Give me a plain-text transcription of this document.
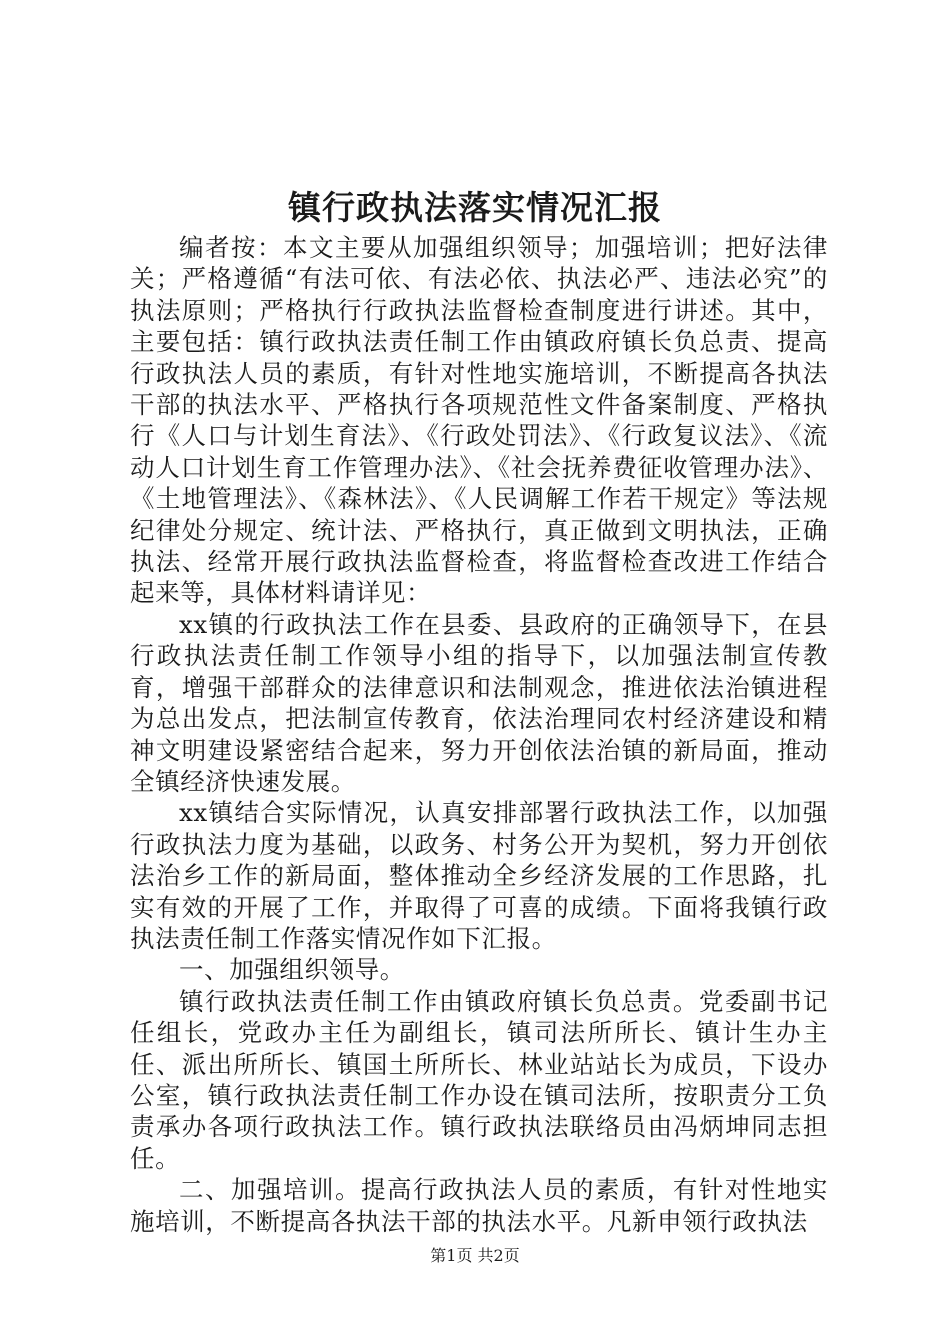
镇行政执法落实情况汇报

编者按：本文主要从加强组织领导；加强培训；把好法律关；严格遵循“有法可依、有法必依、执法必严、违法必究”的执法原则；严格执行行政执法监督检查制度进行讲述。其中，主要包括：镇行政执法责任制工作由镇政府镇长负总责、提高行政执法人员的素质，有针对性地实施培训，不断提高各执法干部的执法水平、严格执行各项规范性文件备案制度、严格执行《人口与计划生育法》、《行政处罚法》、《行政复议法》、《流动人口计划生育工作管理办法》、《社会抚养费征收管理办法》、《土地管理法》、《森林法》、《人民调解工作若干规定》等法规纪律处分规定、统计法、严格执行，真正做到文明执法，正确执法、经常开展行政执法监督检查，将监督检查改进工作结合起来等，具体材料请详见：

xx镇的行政执法工作在县委、县政府的正确领导下，在县行政执法责任制工作领导小组的指导下，以加强法制宣传教育，增强干部群众的法律意识和法制观念，推进依法治镇进程为总出发点，把法制宣传教育，依法治理同农村经济建设和精神文明建设紧密结合起来，努力开创依法治镇的新局面，推动全镇经济快速发展。

xx镇结合实际情况，认真安排部署行政执法工作，以加强行政执法力度为基础，以政务、村务公开为契机，努力开创依法治乡工作的新局面，整体推动全乡经济发展的工作思路，扎实有效的开展了工作，并取得了可喜的成绩。下面将我镇行政执法责任制工作落实情况作如下汇报。

一、加强组织领导。

镇行政执法责任制工作由镇政府镇长负总责。党委副书记任组长，党政办主任为副组长，镇司法所所长、镇计生办主任、派出所所长、镇国土所所长、林业站站长为成员，下设办公室，镇行政执法责任制工作办设在镇司法所，按职责分工负责承办各项行政执法工作。镇行政执法联络员由冯炳坤同志担任。

二、加强培训。提高行政执法人员的素质，有针对性地实施培训，不断提高各执法干部的执法水平。凡新申领行政执法

第1页 共2页
